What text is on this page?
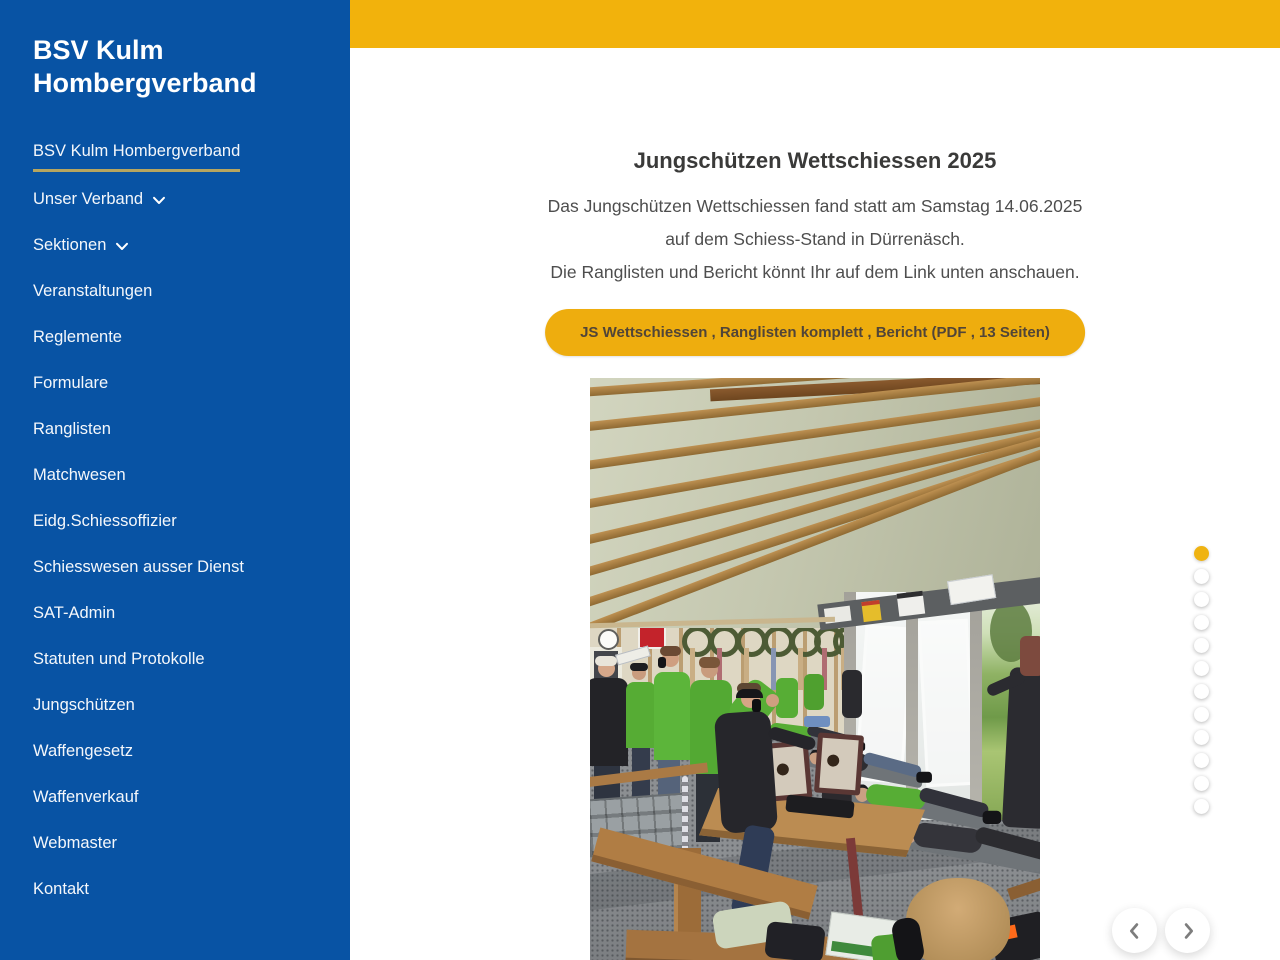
BSV Kulm Hombergverband
BSV Kulm Hombergverband
Unser Verband
Sektionen
Veranstaltungen
Reglemente
Formulare
Ranglisten
Matchwesen
Eidg.Schiessoffizier
Schiesswesen ausser Dienst
SAT-Admin
Statuten und Protokolle
Jungschützen
Waffengesetz
Waffenverkauf
Webmaster
Kontakt
Jungschützen Wettschiessen 2025
Das Jungschützen Wettschiessen fand statt am Samstag 14.06.2025
auf dem Schiess-Stand in Dürrenäsch.
Die Ranglisten und Bericht könnt Ihr auf dem Link unten anschauen.
JS Wettschiessen , Ranglisten komplett , Bericht (PDF , 13 Seiten)
